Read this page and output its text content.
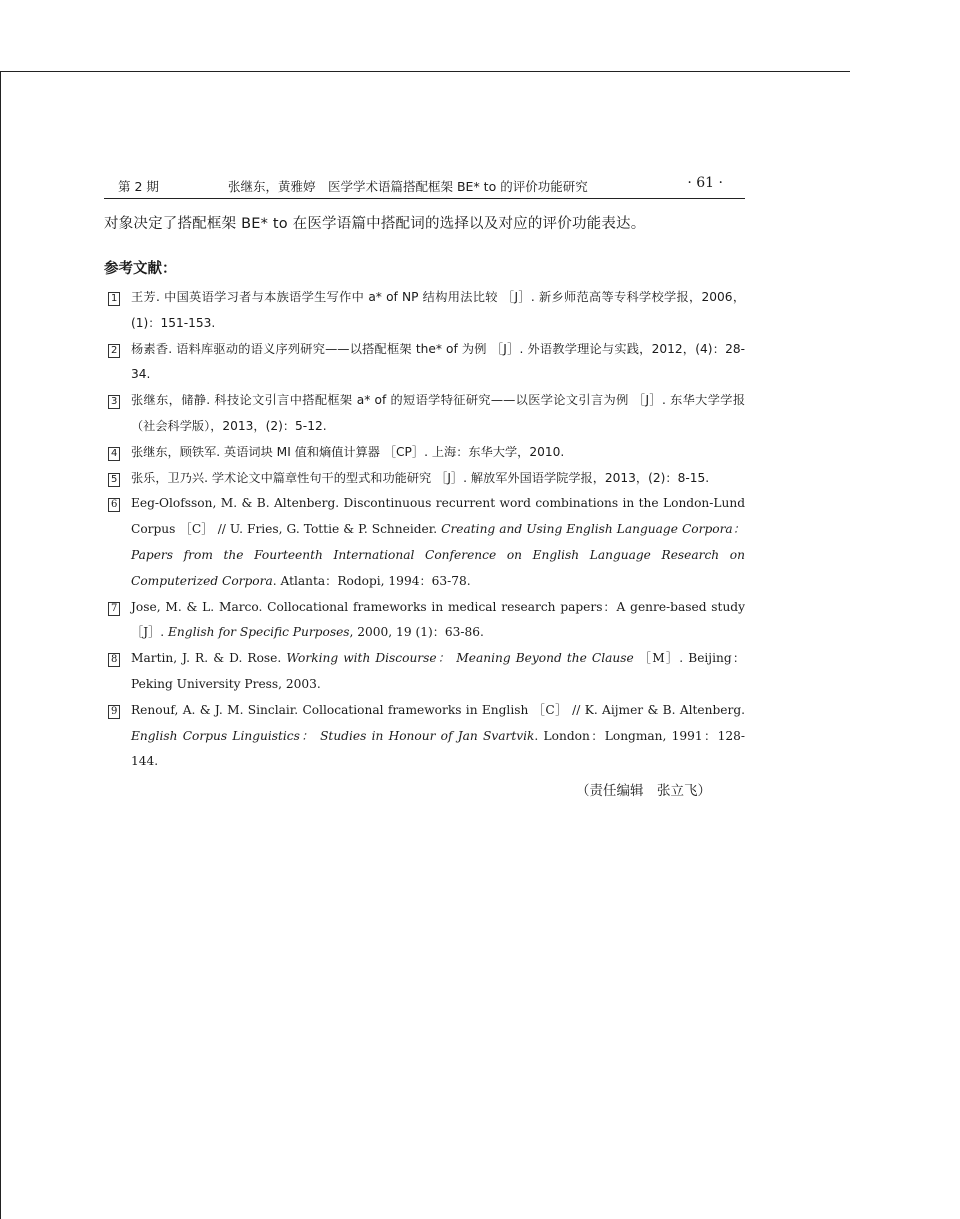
第 2 期	张继东，黄雅婷　医学学术语篇搭配框架 BE* to 的评价功能研究	· 61 ·

对象决定了搭配框架 BE* to 在医学语篇中搭配词的选择以及对应的评价功能表达。

参考文献：
1 王芳. 中国英语学习者与本族语学生写作中 a* of NP 结构用法比较 ［J］. 新乡师范高等专科学校学报，2006，(1)：151-153.
2 杨素香. 语料库驱动的语义序列研究——以搭配框架 the* of 为例 ［J］. 外语教学理论与实践，2012，(4)：28-34.
3 张继东，储静. 科技论文引言中搭配框架 a* of 的短语学特征研究——以医学论文引言为例 ［J］. 东华大学学报（社会科学版），2013，(2)：5-12.
4 张继东，顾铁军. 英语词块 MI 值和熵值计算器 ［CP］. 上海：东华大学，2010.
5 张乐，卫乃兴. 学术论文中篇章性句干的型式和功能研究 ［J］. 解放军外国语学院学报，2013，(2)：8-15.
6 Eeg-Olofsson, M. & B. Altenberg. Discontinuous recurrent word combinations in the London-Lund Corpus ［C］ // U. Fries, G. Tottie & P. Schneider. Creating and Using English Language Corpora： Papers from the Fourteenth International Conference on English Language Research on Computerized Corpora. Atlanta：Rodopi, 1994：63-78.
7 Jose, M. & L. Marco. Collocational frameworks in medical research papers：A genre-based study ［J］. English for Specific Purposes, 2000, 19 (1)：63-86.
8 Martin, J. R. & D. Rose. Working with Discourse： Meaning Beyond the Clause ［M］. Beijing：Peking University Press, 2003.
9 Renouf, A. & J. M. Sinclair. Collocational frameworks in English ［C］ // K. Aijmer & B. Altenberg. English Corpus Linguistics： Studies in Honour of Jan Svartvik. London：Longman, 1991：128-144.
（责任编辑　张立飞）
